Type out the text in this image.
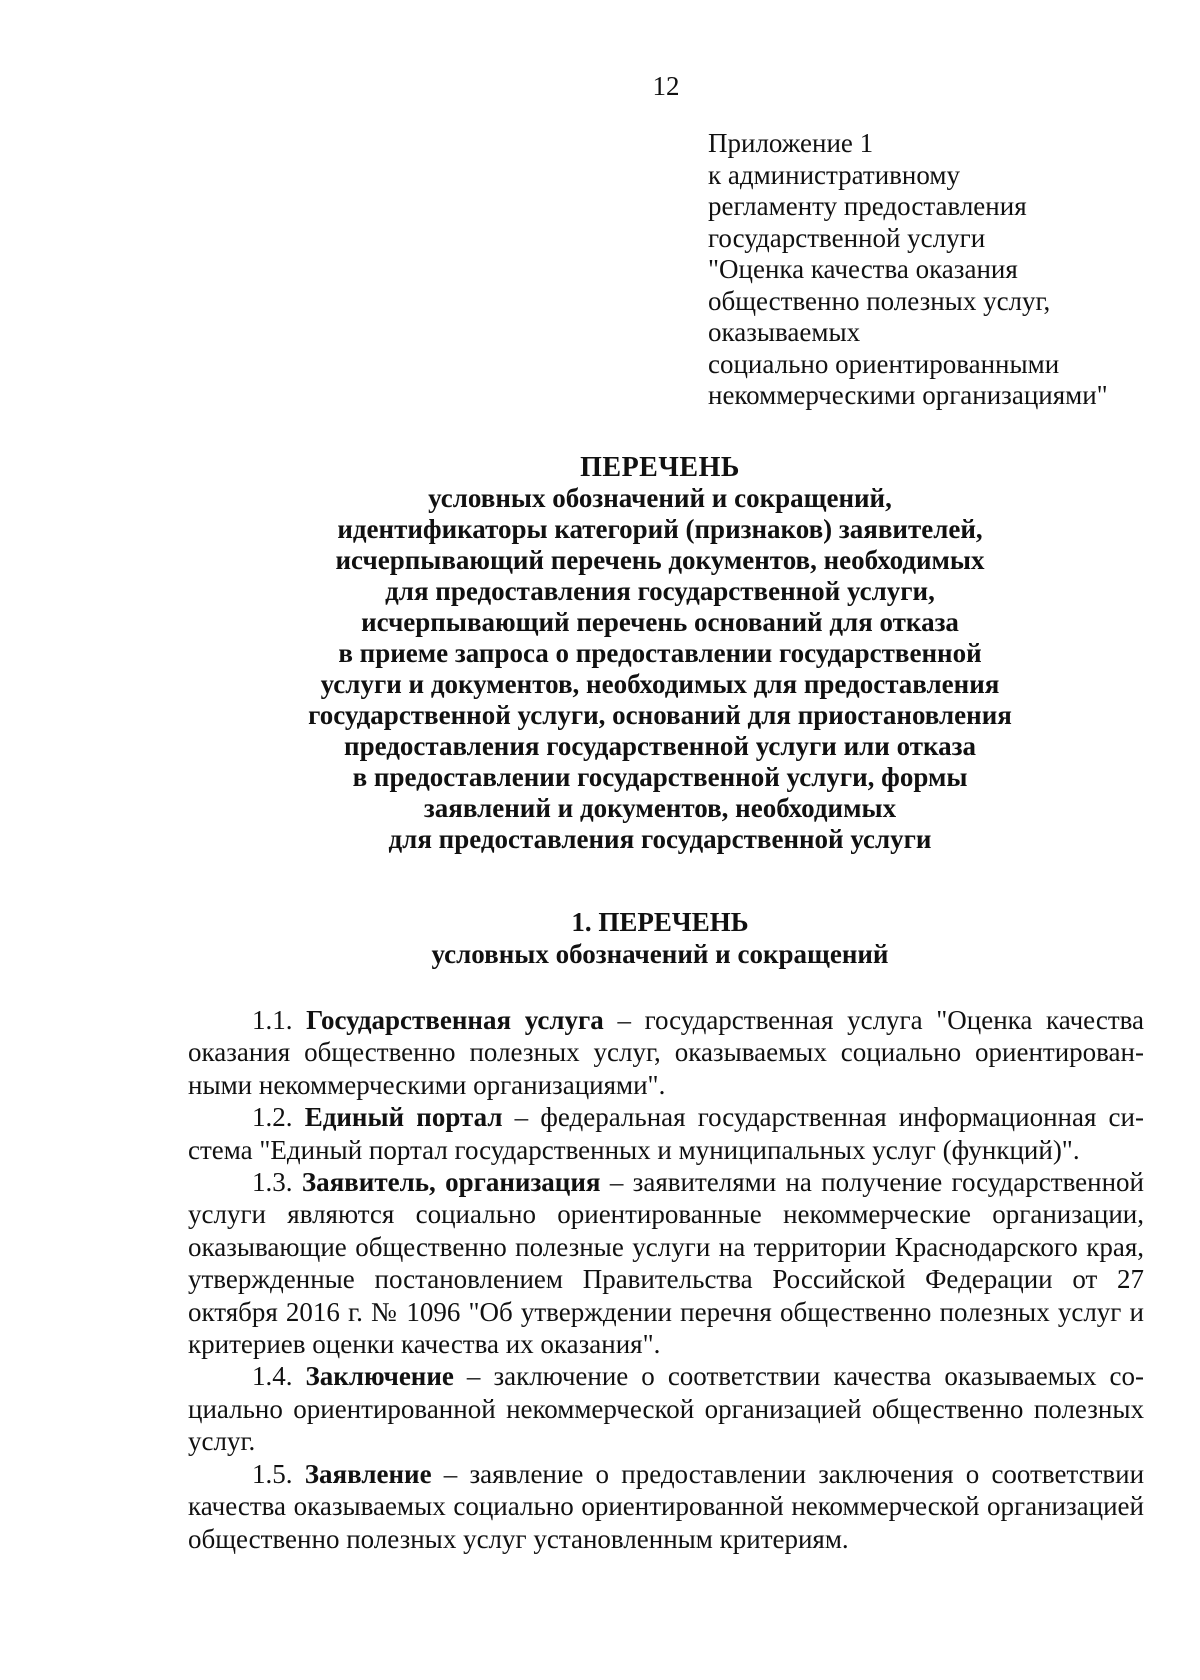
12
Приложение 1
к административному
регламенту предоставления
государственной услуги
"Оценка качества оказания
общественно полезных услуг,
оказываемых
социально ориентированными
некоммерческими организациями"
ПЕРЕЧЕНЬ
условных обозначений и сокращений,
идентификаторы категорий (признаков) заявителей,
исчерпывающий перечень документов, необходимых
для предоставления государственной услуги,
исчерпывающий перечень оснований для отказа
в приеме запроса о предоставлении государственной
услуги и документов, необходимых для предоставления
государственной услуги, оснований для приостановления
предоставления государственной услуги или отказа
в предоставлении государственной услуги, формы
заявлений и документов, необходимых
для предоставления государственной услуги
1. ПЕРЕЧЕНЬ
условных обозначений и сокращений

1.1. Государственная услуга – государственная услуга "Оценка качества оказания общественно полезных услуг, оказываемых социально ориентированными некоммерческими организациями".

1.2. Единый портал – федеральная государственная информационная система "Единый портал государственных и муниципальных услуг (функций)".

1.3. Заявитель, организация – заявителями на получение государственной услуги являются социально ориентированные некоммерческие организации, оказывающие общественно полезные услуги на территории Краснодарского края, утвержденные постановлением Правительства Российской Федерации от 27 октября 2016 г. № 1096 "Об утверждении перечня общественно полезных услуг и критериев оценки качества их оказания".

1.4. Заключение – заключение о соответствии качества оказываемых социально ориентированной некоммерческой организацией общественно полезных услуг.

1.5. Заявление – заявление о предоставлении заключения о соответствии качества оказываемых социально ориентированной некоммерческой организацией общественно полезных услуг установленным критериям.
